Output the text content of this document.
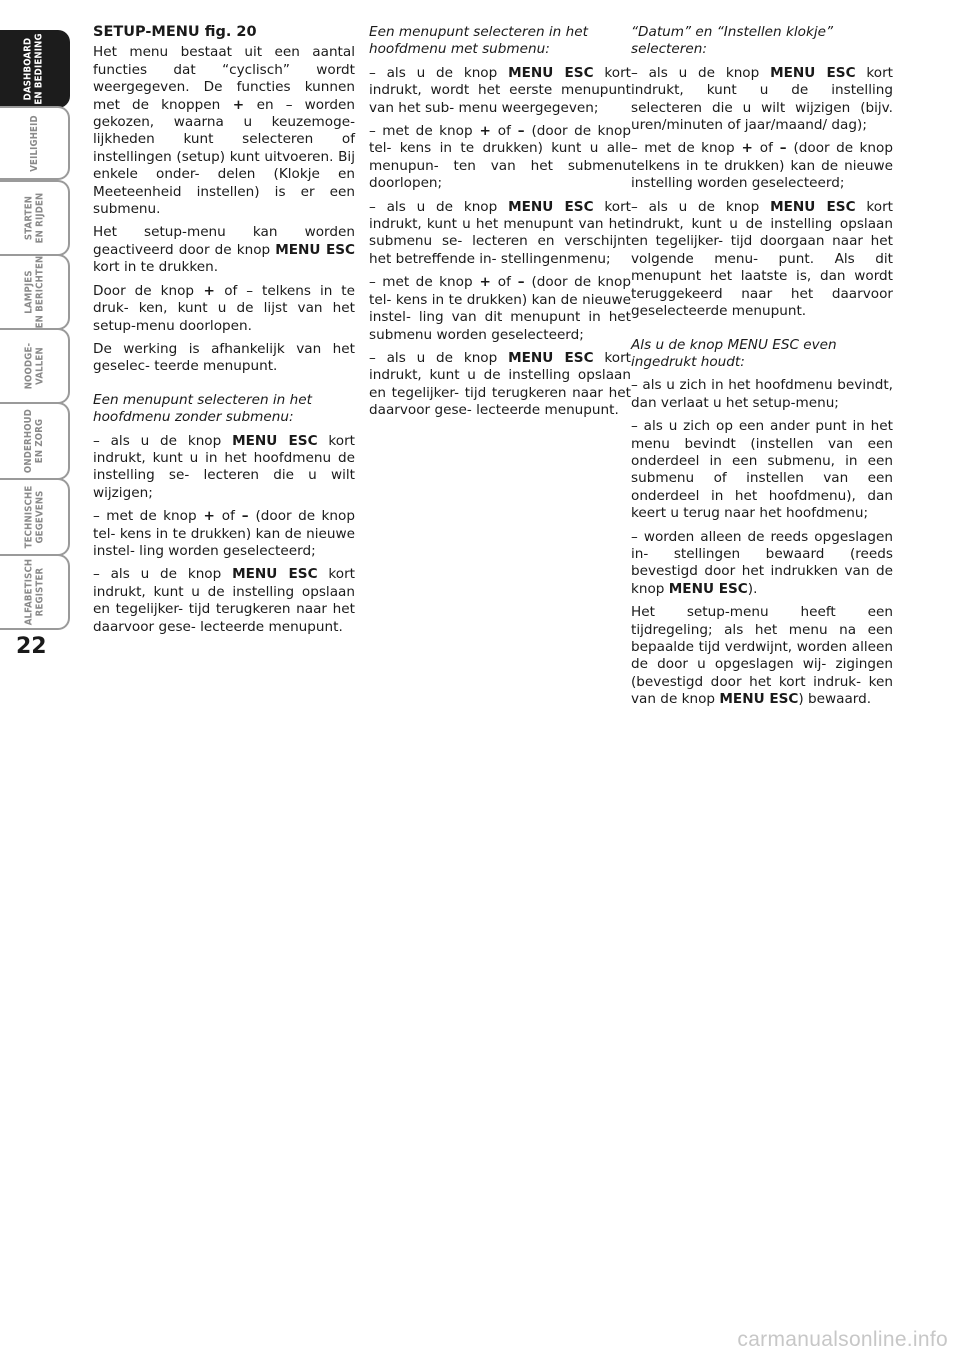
DASHBOARD
EN BEDIENING
VEILIGHEID
STARTEN
EN RIJDEN
LAMPJES
EN BERICHTEN
NOODGE-
VALLEN
ONDERHOUD
EN ZORG
TECHNISCHE
GEGEVENS
ALFABETISCH
REGISTER
22
SETUP-MENU fig. 20

Het menu bestaat uit een aantal functies dat “cyclisch” wordt weergegeven. De functies kunnen met de knoppen + en – worden gekozen, waarna u keuzemoge- lijkheden kunt selecteren of instellingen (setup) kunt uitvoeren. Bij enkele onder- delen (Klokje en Meeteenheid instellen) is er een submenu.

Het setup-menu kan worden geactiveerd door de knop MENU ESC kort in te drukken.

Door de knop + of – telkens in te druk- ken, kunt u de lijst van het setup-menu doorlopen.

De werking is afhankelijk van het geselec- teerde menupunt.

Een menupunt selecteren in het hoofdmenu zonder submenu:

– als u de knop MENU ESC kort indrukt, kunt u in het hoofdmenu de instelling se- lecteren die u wilt wijzigen;

– met de knop + of – (door de knop tel- kens in te drukken) kan de nieuwe instel- ling worden geselecteerd;

– als u de knop MENU ESC kort indrukt, kunt u de instelling opslaan en tegelijker- tijd terugkeren naar het daarvoor gese- lecteerde menupunt.

Een menupunt selecteren in het hoofdmenu met submenu:

– als u de knop MENU ESC kort indrukt, wordt het eerste menupunt van het sub- menu weergegeven;

– met de knop + of – (door de knop tel- kens in te drukken) kunt u alle menupun- ten van het submenu doorlopen;

– als u de knop MENU ESC kort indrukt, kunt u het menupunt van het submenu se- lecteren en verschijnt het betreffende in- stellingenmenu;

– met de knop + of – (door de knop tel- kens in te drukken) kan de nieuwe instel- ling van dit menupunt in het submenu worden geselecteerd;

– als u de knop MENU ESC kort indrukt, kunt u de instelling opslaan en tegelijker- tijd terugkeren naar het daarvoor gese- lecteerde menupunt.

“Datum” en “Instellen klokje” selecteren:

– als u de knop MENU ESC kort indrukt, kunt u de instelling selecteren die u wilt wijzigen (bijv. uren/minuten of jaar/maand/ dag);

– met de knop + of – (door de knop telkens in te drukken) kan de nieuwe instelling worden geselecteerd;

– als u de knop MENU ESC kort indrukt, kunt u de instelling opslaan en tegelijker- tijd doorgaan naar het volgende menu- punt. Als dit menupunt het laatste is, dan wordt teruggekeerd naar het daarvoor geselecteerde menupunt.

Als u de knop MENU ESC even ingedrukt houdt:

– als u zich in het hoofdmenu bevindt, dan verlaat u het setup-menu;

– als u zich op een ander punt in het menu bevindt (instellen van een onderdeel in een submenu, in een submenu of instellen van een onderdeel in het hoofdmenu), dan keert u terug naar het hoofdmenu;

– worden alleen de reeds opgeslagen in- stellingen bewaard (reeds bevestigd door het indrukken van de knop MENU ESC).

Het setup-menu heeft een tijdregeling; als het menu na een bepaalde tijd verdwijnt, worden alleen de door u opgeslagen wij- zigingen (bevestigd door het kort indruk- ken van de knop MENU ESC) bewaard.

carmanualsonline.info
